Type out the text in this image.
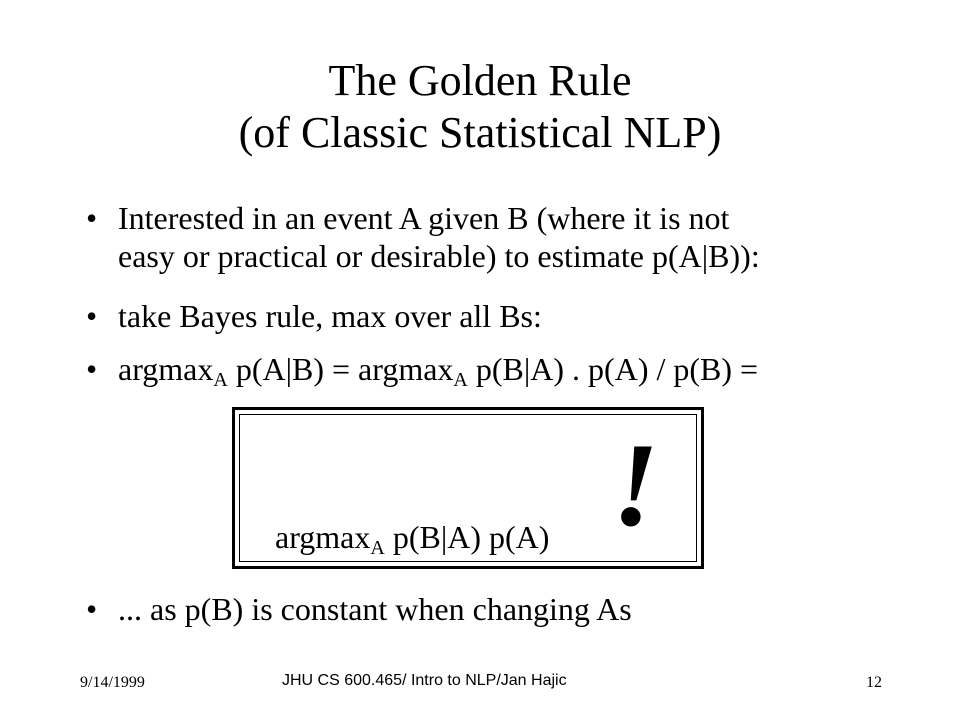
The Golden Rule
(of Classic Statistical NLP)
• Interested in an event A given B (where it is not
easy or practical or desirable) to estimate p(A|B)):
• take Bayes rule, max over all Bs:
• argmax$_A$ p(A|B) = argmax$_A$ p(B|A) . p(A) / p(B) =
• ... as p(B) is constant when changing As
argmax$_A$ p(B|A) p(A) !
9/14/1999	JHU CS 600.465/ Intro to NLP/Jan Hajic	12
